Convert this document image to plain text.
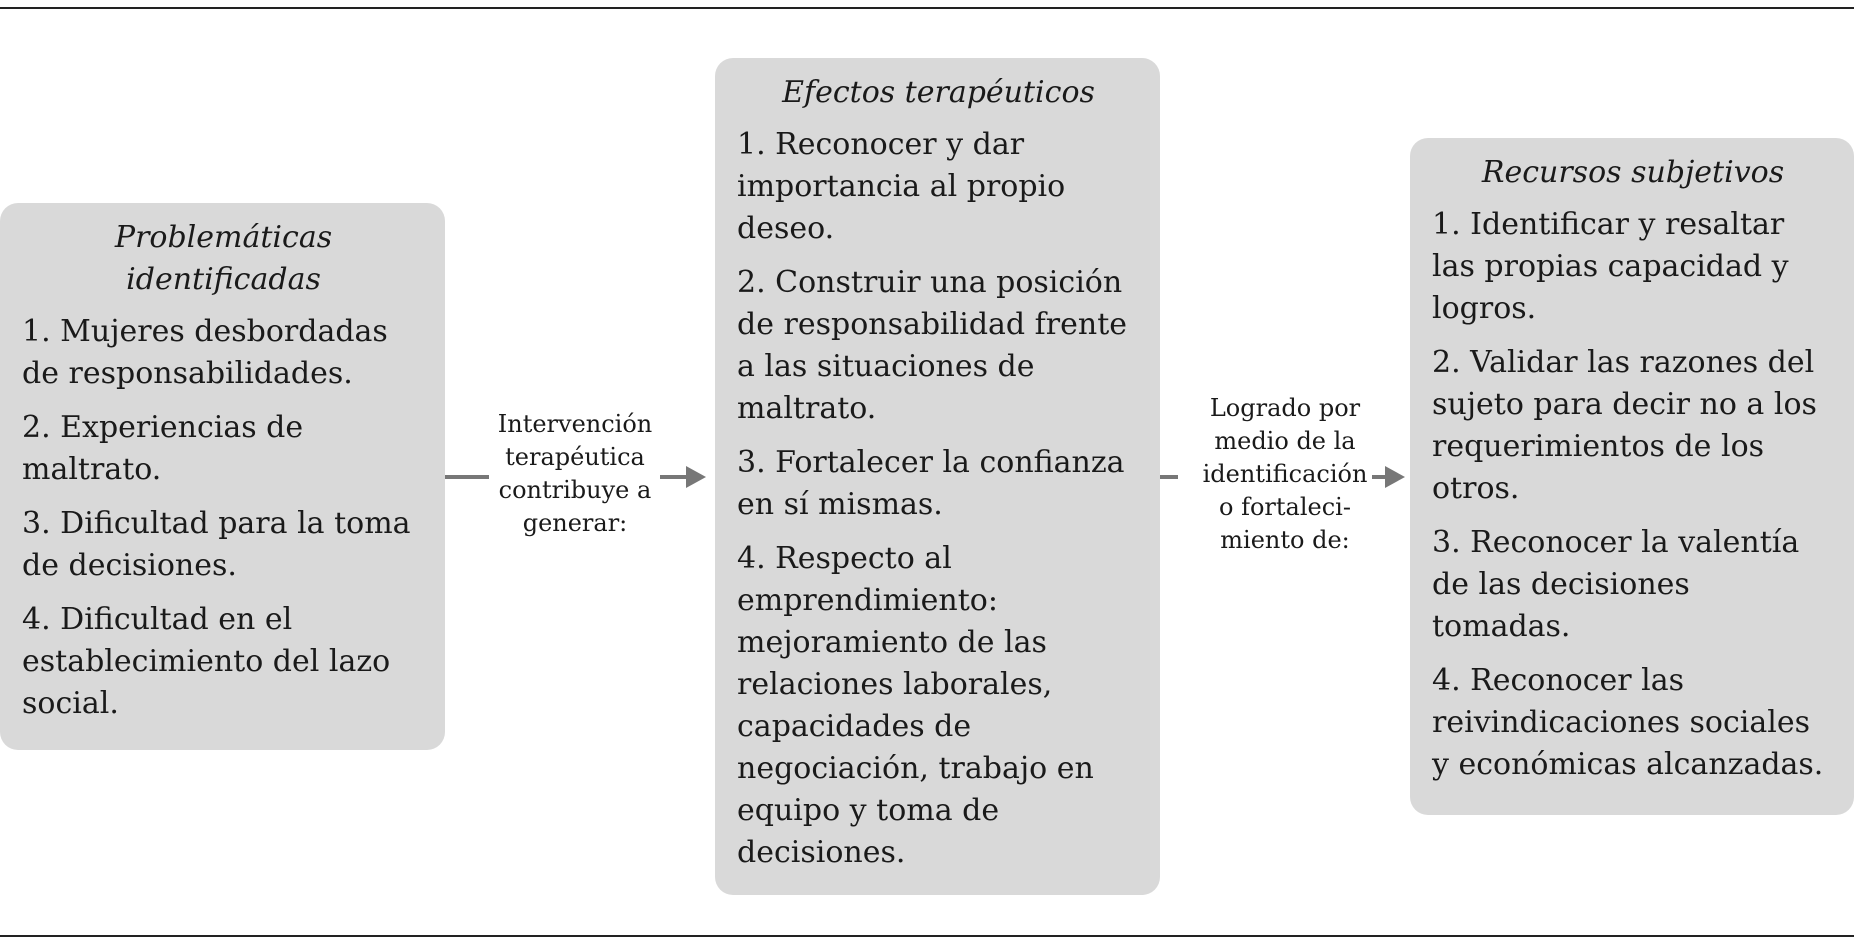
Problemáticas
identificadas
1. Mujeres desbordadas de responsabilidades.
2. Experiencias de maltrato.
3. Dificultad para la toma de decisiones.
4. Dificultad en el establecimiento del lazo social.
Intervención
terapéutica
contribuye a
generar:
Efectos terapéuticos
1. Reconocer y dar importancia al propio deseo.
2. Construir una posición de responsabilidad frente a las situaciones de maltrato.
3. Fortalecer la confianza en sí mismas.
4. Respecto al emprendimiento: mejoramiento de las relaciones laborales, capacidades de negociación, trabajo en equipo y toma de decisiones.
Logrado por
medio de la
identificación
o fortaleci-
miento de:
Recursos subjetivos
1. Identificar y resaltar las propias capacidad y logros.
2. Validar las razones del sujeto para decir no a los requerimientos de los otros.
3. Reconocer la valentía de las decisiones tomadas.
4. Reconocer las reivindicaciones sociales y económicas alcanzadas.
